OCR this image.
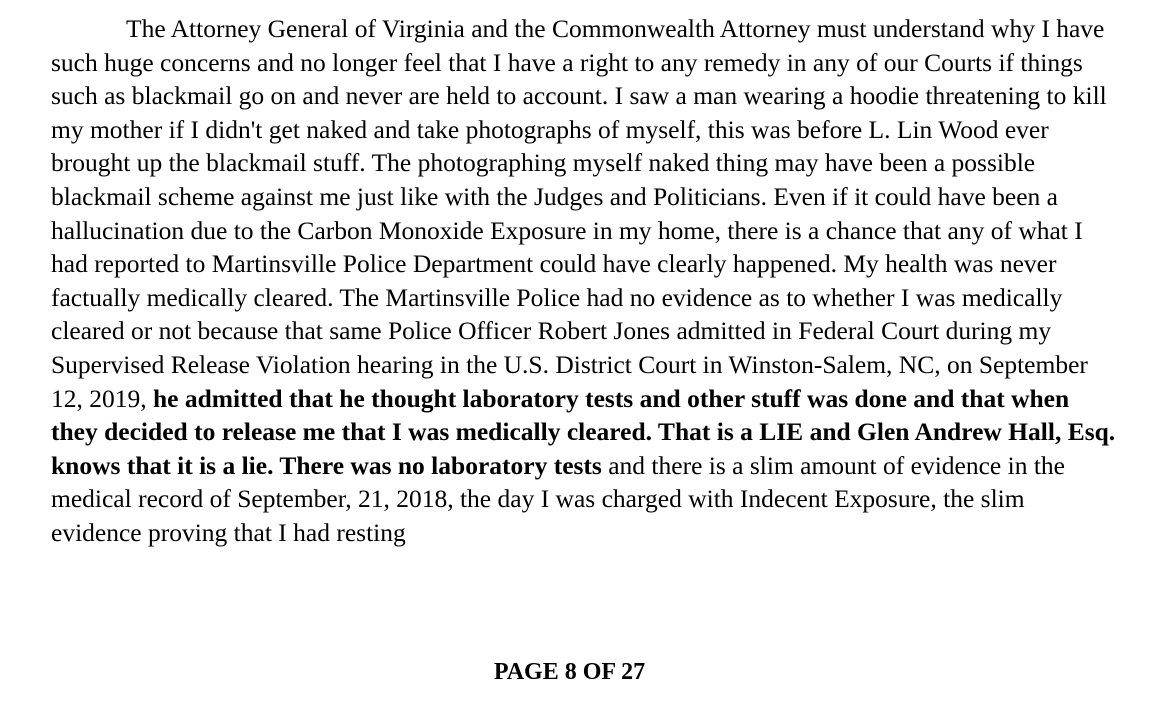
The Attorney General of Virginia and the Commonwealth Attorney must understand why I have such huge concerns and no longer feel that I have a right to any remedy in any of our Courts if things such as blackmail go on and never are held to account. I saw a man wearing a hoodie threatening to kill my mother if I didn't get naked and take photographs of myself, this was before L. Lin Wood ever brought up the blackmail stuff. The photographing myself naked thing may have been a possible blackmail scheme against me just like with the Judges and Politicians. Even if it could have been a hallucination due to the Carbon Monoxide Exposure in my home, there is a chance that any of what I had reported to Martinsville Police Department could have clearly happened. My health was never factually medically cleared. The Martinsville Police had no evidence as to whether I was medically cleared or not because that same Police Officer Robert Jones admitted in Federal Court during my Supervised Release Violation hearing in the U.S. District Court in Winston-Salem, NC, on September 12, 2019, he admitted that he thought laboratory tests and other stuff was done and that when they decided to release me that I was medically cleared. That is a LIE and Glen Andrew Hall, Esq. knows that it is a lie. There was no laboratory tests and there is a slim amount of evidence in the medical record of September, 21, 2018, the day I was charged with Indecent Exposure, the slim evidence proving that I had resting

PAGE 8 OF 27
